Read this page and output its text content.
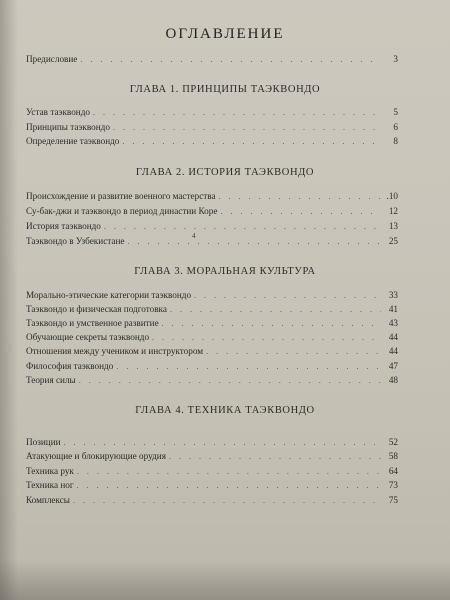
ОГЛАВЛЕНИЕ
Предисловие . . .	3
ГЛАВА 1. ПРИНЦИПЫ ТАЭКВОНДО
Устав таэквондо . . .	5
Принципы таэквондо . . .	6
Определение таэквондо . . .	8
ГЛАВА 2. ИСТОРИЯ ТАЭКВОНДО
Происхождение и развитие военного мастерства . . .	.10
Су-бак-джи и таэквондо в период династии Коре . . .	12
История таэквондо . . .	13
Таэквондо в Узбекистане . . .	25
4
ГЛАВА 3. МОРАЛЬНАЯ КУЛЬТУРА
Морально-этические категории таэквондо . . .	33
Таэквондо и физическая подготовка . . .	41
Таэквондо и умственное развитие . . .	43
Обучающие секреты таэквондо . . .	44
Отношения между учеником и инструктором . . .	44
Философия таэквондо . . .	47
Теория силы . . .	48
ГЛАВА 4. ТЕХНИКА ТАЭКВОНДО
Позиции . . .	52
Атакующие и блокирующие орудия . . .	58
Техника рук . . .	64
Техника ног . . .	73
Комплексы . . .	75
